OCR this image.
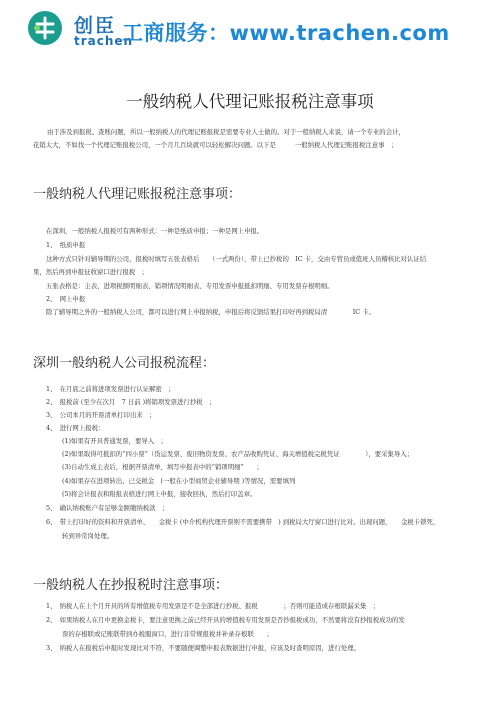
创臣
trachen
工商服务：www.trachen.com
一般纳税人代理记账报税注意事项
由于涉及到报税、查账问题，所以一般纳税人的代理记账报税是需要专业人士做的。对于一般纳税人来说，请一个专业的会计，
花销太大，不如找一个代理记账报税公司，一个月几百块就可以轻松解决问题。以下是　　　一般纳税人代理记账报税注意事　；
一般纳税人代理记账报税注意事项：
在深圳，一般纳税人报税可有两种形式：一种是纸质申报；一种是网上申报。
1、　纸质申报
这种方式只针对辅导期的公司，报税时填写五张表格后　　（一式两份），带上已抄税的　IC 卡，交由专管员或值班人员稽核比对认证结
果，然后再到申报征收窗口进行报税　；
五张表格是：主表、进项税额明细表、销项情况明细表、专用发票申报抵扣明细、专用发票存根明细。
2、　网上申报
除了辅导期之外的一般纳税人公司，都可以进行网上申报纳税，申报后将反馈结果打印好再到税局清　　　　IC 卡。
深圳一般纳税人公司报税流程：
1、　在月底之前将进项发票进行认证解密　；
2、　报税前 (至少在次月　7 日前 )将销项发票进行抄税　；
3、　公司本月的开票清单打印出来　；
4、　进行网上报税：
(1)如果有开具普通发票，要导入　；
(2)如果取得可抵扣的“四小票”（货运发票、废旧物资发票、农产品收购凭证、海关增值税完税凭证　　　　），要采集导入；
(3)自动生成主表后，根据开票清单，填写申报表中的“销项明细”　　；
(4)如果存在进项转出、已交税金　(一般在小型商贸企业辅导期 )等情况，需要填列
(5)将会计报表和附报表格进行网上申报，接收回执，然后打印盖章。
5、　确认纳税账户有足够金额缴纳税款　；
6、　带上打印好的资料和开票清单、　　金税卡 (中介机构代理开票则不需要携带　) 到税局大厅窗口进行比对。出现问题，　　金税卡锁死，
转到异常岗处理。
一般纳税人在抄报税时注意事项：
1、　纳税人在上个月开具的所有增值税专用发票是不是全部进行抄税、报税　　　　；否则可能造成存根联漏采集　；
2、　如果纳税人在月中更换金税卡，要注意更换之前已经开具的增值税专用发票是否抄报税成功，不然要将没有抄报税成功的发
票的存根联或记账联带到办税服窗口，进行非常规报税并补录存根联　　；
3、　纳税人在报税后申报时发现比对不符，不要随便调整申报表数据进行申报，应该及时查明原因，进行处理。
